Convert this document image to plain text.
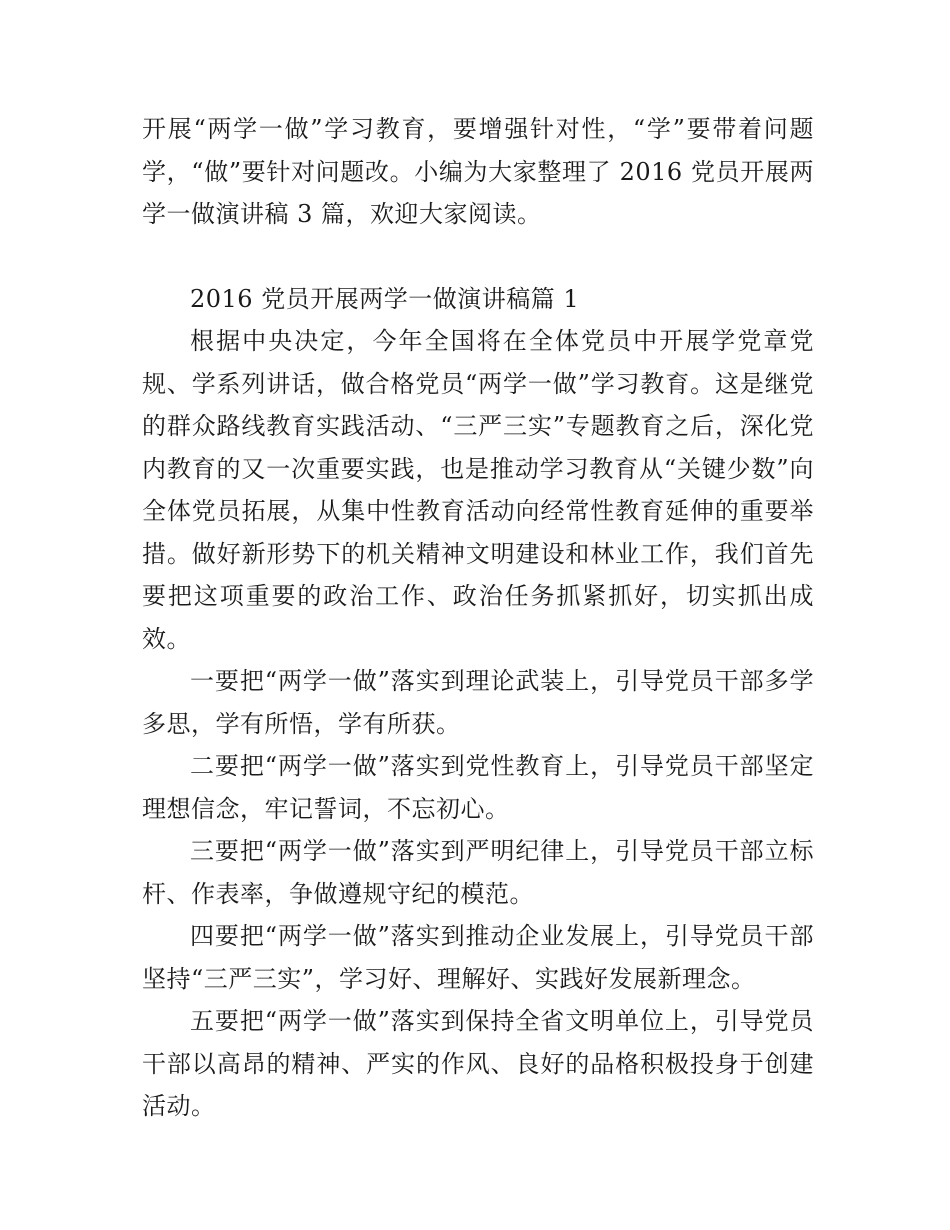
开展“两学一做”学习教育，要增强针对性，“学”要带着问题学，“做”要针对问题改。小编为大家整理了 2016 党员开展两学一做演讲稿 3 篇，欢迎大家阅读。

2016 党员开展两学一做演讲稿篇 1

根据中央决定，今年全国将在全体党员中开展学党章党规、学系列讲话，做合格党员“两学一做”学习教育。这是继党的群众路线教育实践活动、“三严三实”专题教育之后，深化党内教育的又一次重要实践，也是推动学习教育从“关键少数”向全体党员拓展，从集中性教育活动向经常性教育延伸的重要举措。做好新形势下的机关精神文明建设和林业工作，我们首先要把这项重要的政治工作、政治任务抓紧抓好，切实抓出成效。

一要把“两学一做”落实到理论武装上，引导党员干部多学多思，学有所悟，学有所获。

二要把“两学一做”落实到党性教育上，引导党员干部坚定理想信念，牢记誓词，不忘初心。

三要把“两学一做”落实到严明纪律上，引导党员干部立标杆、作表率，争做遵规守纪的模范。

四要把“两学一做”落实到推动企业发展上，引导党员干部坚持“三严三实”，学习好、理解好、实践好发展新理念。

五要把“两学一做”落实到保持全省文明单位上，引导党员干部以高昂的精神、严实的作风、良好的品格积极投身于创建活动。
